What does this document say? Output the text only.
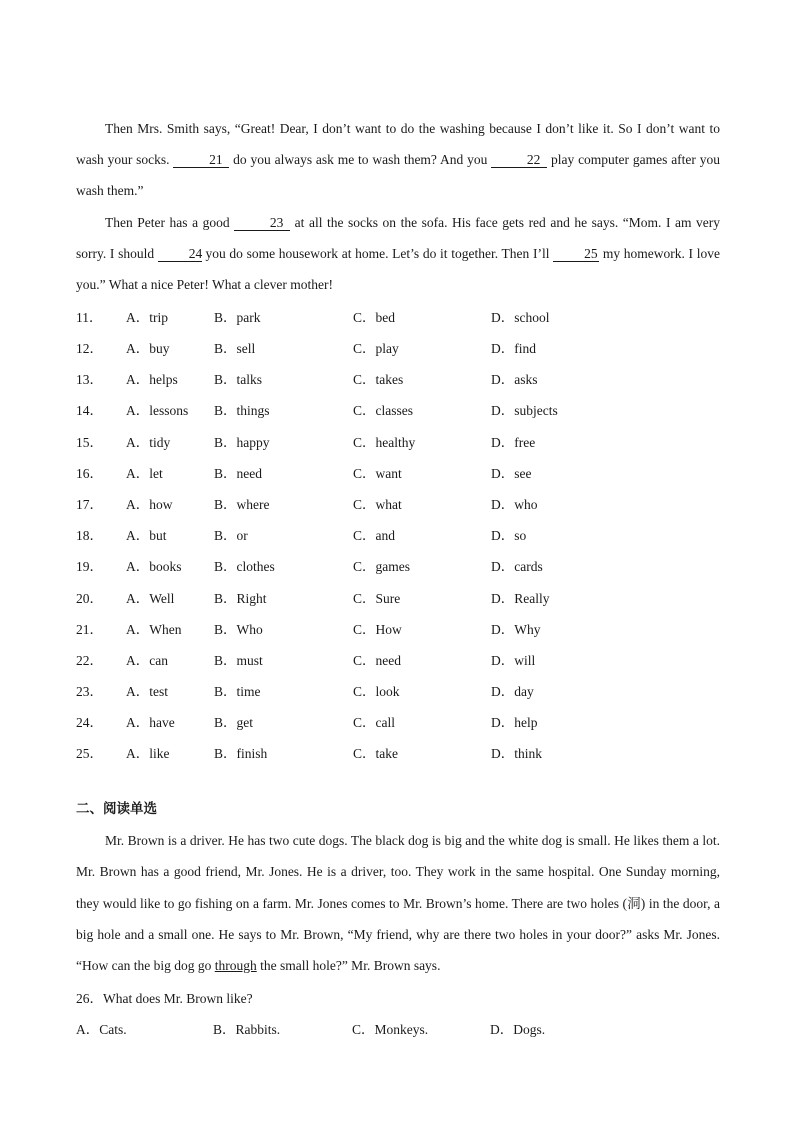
Then Mrs. Smith says, “Great! Dear, I don’t want to do the washing because I don’t like it. So I don’t want to wash your socks.	21 do you always ask me to wash them? And you	22 play computer games after you wash them.”

Then Peter has a good	23 at all the socks on the sofa. His face gets red and he says. “Mom. I am very sorry. I should 24 you do some housework at home. Let’s do it together. Then I’ll 25 my homework. I love you.” What a nice Peter! What a clever mother!

11．	A．trip	B．park	C．bed	D．school
12．	A．buy	B．sell	C．play	D．find
13．	A．helps	B．talks	C．takes	D．asks
14．	A．lessons	B．things	C．classes	D．subjects
15．	A．tidy	B．happy	C．healthy	D．free
16．	A．let	B．need	C．want	D．see
17．	A．how	B．where	C．what	D．who
18．	A．but	B．or	C．and	D．so
19．	A．books	B．clothes	C．games	D．cards
20．	A．Well	B．Right	C．Sure	D．Really
21．	A．When	B．Who	C．How	D．Why
22．	A．can	B．must	C．need	D．will
23．	A．test	B．time	C．look	D．day
24．	A．have	B．get	C．call	D．help
25．	A．like	B．finish	C．take	D．think
二、阅读单选

Mr. Brown is a driver. He has two cute dogs. The black dog is big and the white dog is small. He likes them a lot. Mr. Brown has a good friend, Mr. Jones. He is a driver, too. They work in the same hospital. One Sunday morning, they would like to go fishing on a farm. Mr. Jones comes to Mr. Brown’s home. There are two holes (洞) in the door, a big hole and a small one. He says to Mr. Brown, “My friend, why are there two holes in your door?” asks Mr. Jones. “How can the big dog go through the small hole?” Mr. Brown says.

26．What does Mr. Brown like?
A．Cats.	B．Rabbits.	C．Monkeys.	D．Dogs.
